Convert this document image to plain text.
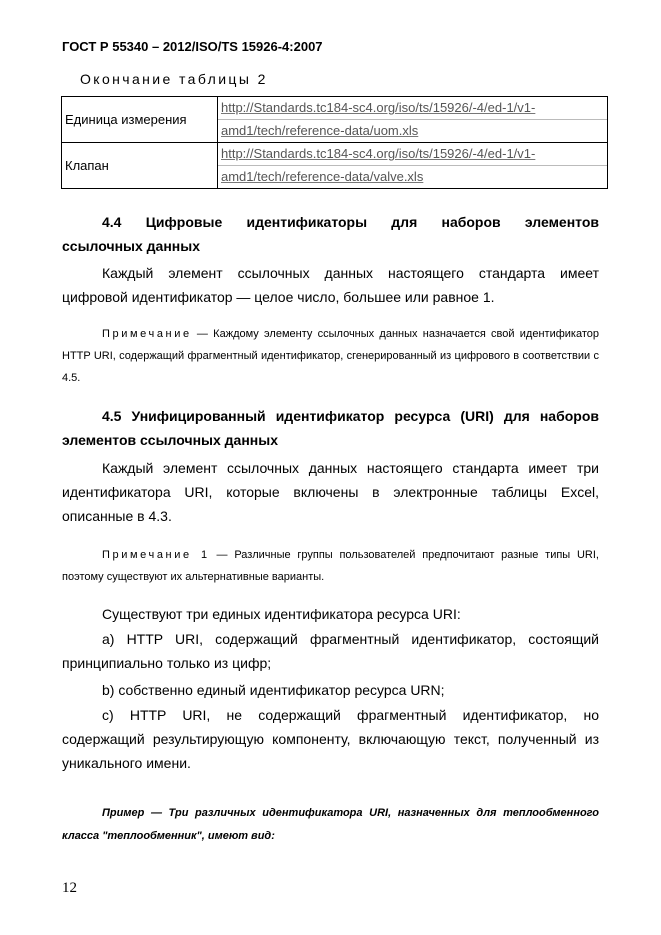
ГОСТ Р 55340 – 2012/ISO/TS 15926-4:2007
Окончание таблицы 2
Единица измерения	http://Standards.tc184-sc4.org/iso/ts/15926/-4/ed-1/v1-
amd1/tech/reference-data/uom.xls

Клапан	http://Standards.tc184-sc4.org/iso/ts/15926/-4/ed-1/v1-
amd1/tech/reference-data/valve.xls

4.4 Цифровые идентификаторы для наборов элементов

ссылочных данных

Каждый элемент ссылочных данных настоящего стандарта имеет цифровой идентификатор — целое число, большее или равное 1.

Примечание — Каждому элементу ссылочных данных назначается свой идентификатор HTTP URI, содержащий фрагментный идентификатор, сгенерированный из цифрового в соответствии с 4.5.

4.5 Унифицированный идентификатор ресурса (URI) для наборов элементов ссылочных данных

Каждый элемент ссылочных данных настоящего стандарта имеет три идентификатора URI, которые включены в электронные таблицы Excel, описанные в 4.3.

Примечание 1 — Различные группы пользователей предпочитают разные типы URI, поэтому существуют их альтернативные варианты.

Существуют три единых идентификатора ресурса URI:

а) HTTP URI, содержащий фрагментный идентификатор, состоящий принципиально только из цифр;

b) собственно единый идентификатор ресурса URN;

с) HTTP URI, не содержащий фрагментный идентификатор, но содержащий результирующую компоненту, включающую текст, полученный из уникального имени.

Пример — Три различных идентификатора URI, назначенных для теплообменного класса "теплообменник", имеют вид:

12
